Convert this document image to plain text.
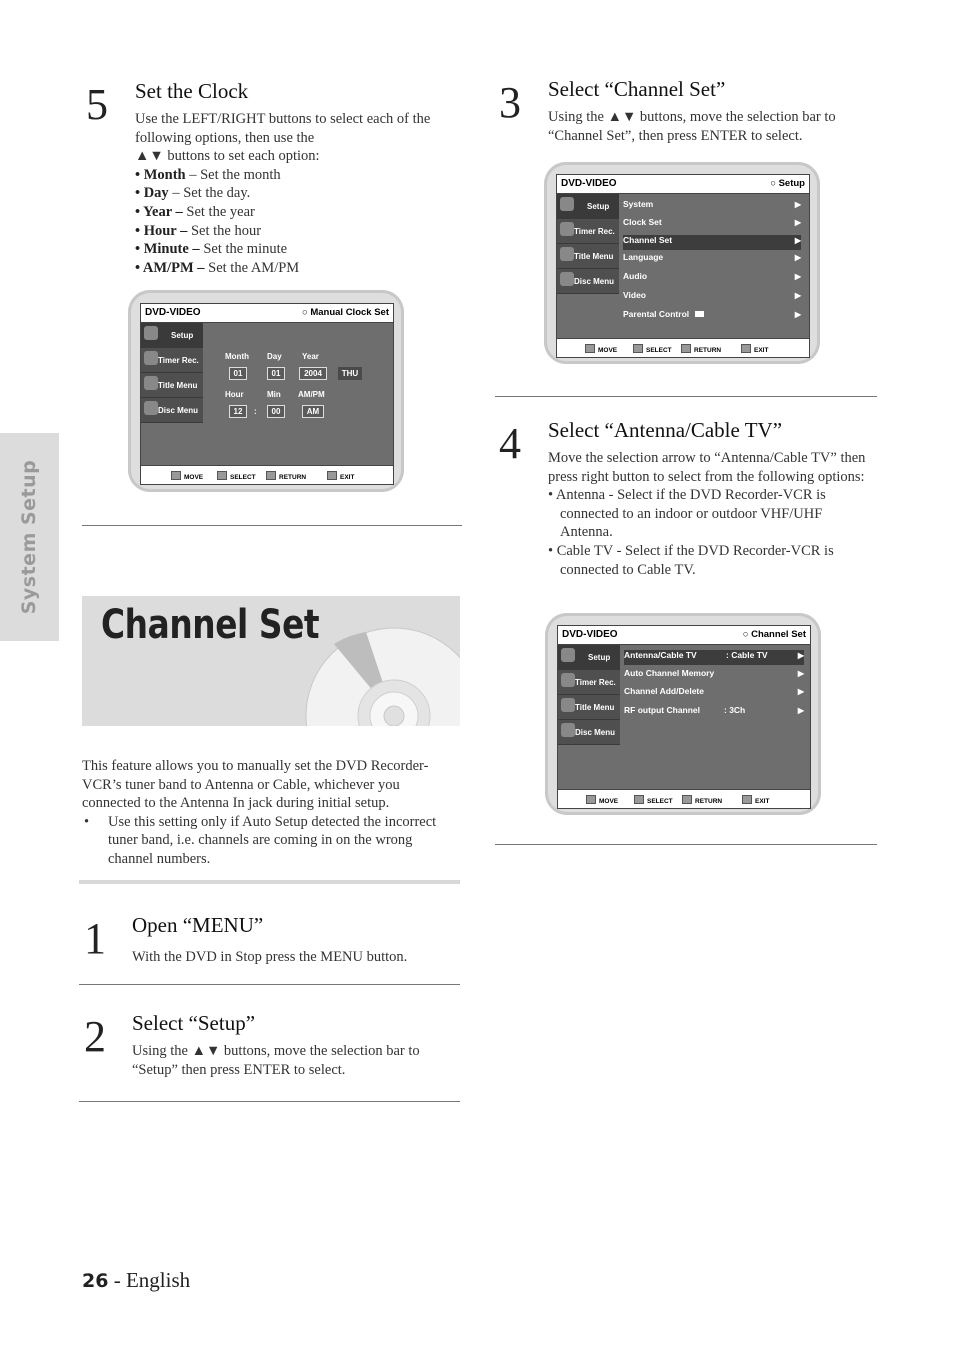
System Setup
5 Set the Clock
Use the LEFT/RIGHT buttons to select each of the following options, then use the
▲▼ buttons to set each option:
• Month – Set the month
• Day – Set the day.
• Year – Set the year
• Hour – Set the hour
• Minute – Set the minute
• AM/PM – Set the AM/PM
DVD-VIDEO	○ Manual Clock Set
Setup
Timer Rec.
Title Menu
Disc Menu
Month Day	Year
01	01	2004	THU
Hour	Min AM/PM
12	:	00	AM
MOVE	SELECT	RETURN	EXIT
Channel Set
This feature allows you to manually set the DVD Recorder-VCR’s tuner band to Antenna or Cable, whichever you connected to the Antenna In jack during initial setup.
• Use this setting only if Auto Setup detected the incorrect tuner band, i.e. channels are coming in on the wrong channel numbers.
1 Open “MENU”
With the DVD in Stop press the MENU button.
2 Select “Setup”
Using the ▲▼ buttons, move the selection bar to “Setup” then press ENTER to select.
3 Select “Channel Set”
Using the ▲▼ buttons, move the selection bar to “Channel Set”, then press ENTER to select.
DVD-VIDEO	○ Setup
Setup
Timer Rec.
Title Menu
Disc Menu
System	▶
Clock Set	▶
Channel Set	▶
Language	▶
Audio	▶
Video	▶
Parental Control	▶
MOVE	SELECT	RETURN	EXIT
4 Select “Antenna/Cable TV”
Move the selection arrow to “Antenna/Cable TV” then press right button to select from the following options:
• Antenna - Select if the DVD Recorder-VCR is connected to an indoor or outdoor VHF/UHF Antenna.
• Cable TV - Select if the DVD Recorder-VCR is connected to Cable TV.
DVD-VIDEO	○ Channel Set
Setup
Timer Rec.
Title Menu
Disc Menu
Antenna/Cable TV	: Cable TV	▶
Auto Channel Memory	▶
Channel Add/Delete	▶
RF output Channel	: 3Ch	▶
MOVE	SELECT	RETURN	EXIT
26 - English
